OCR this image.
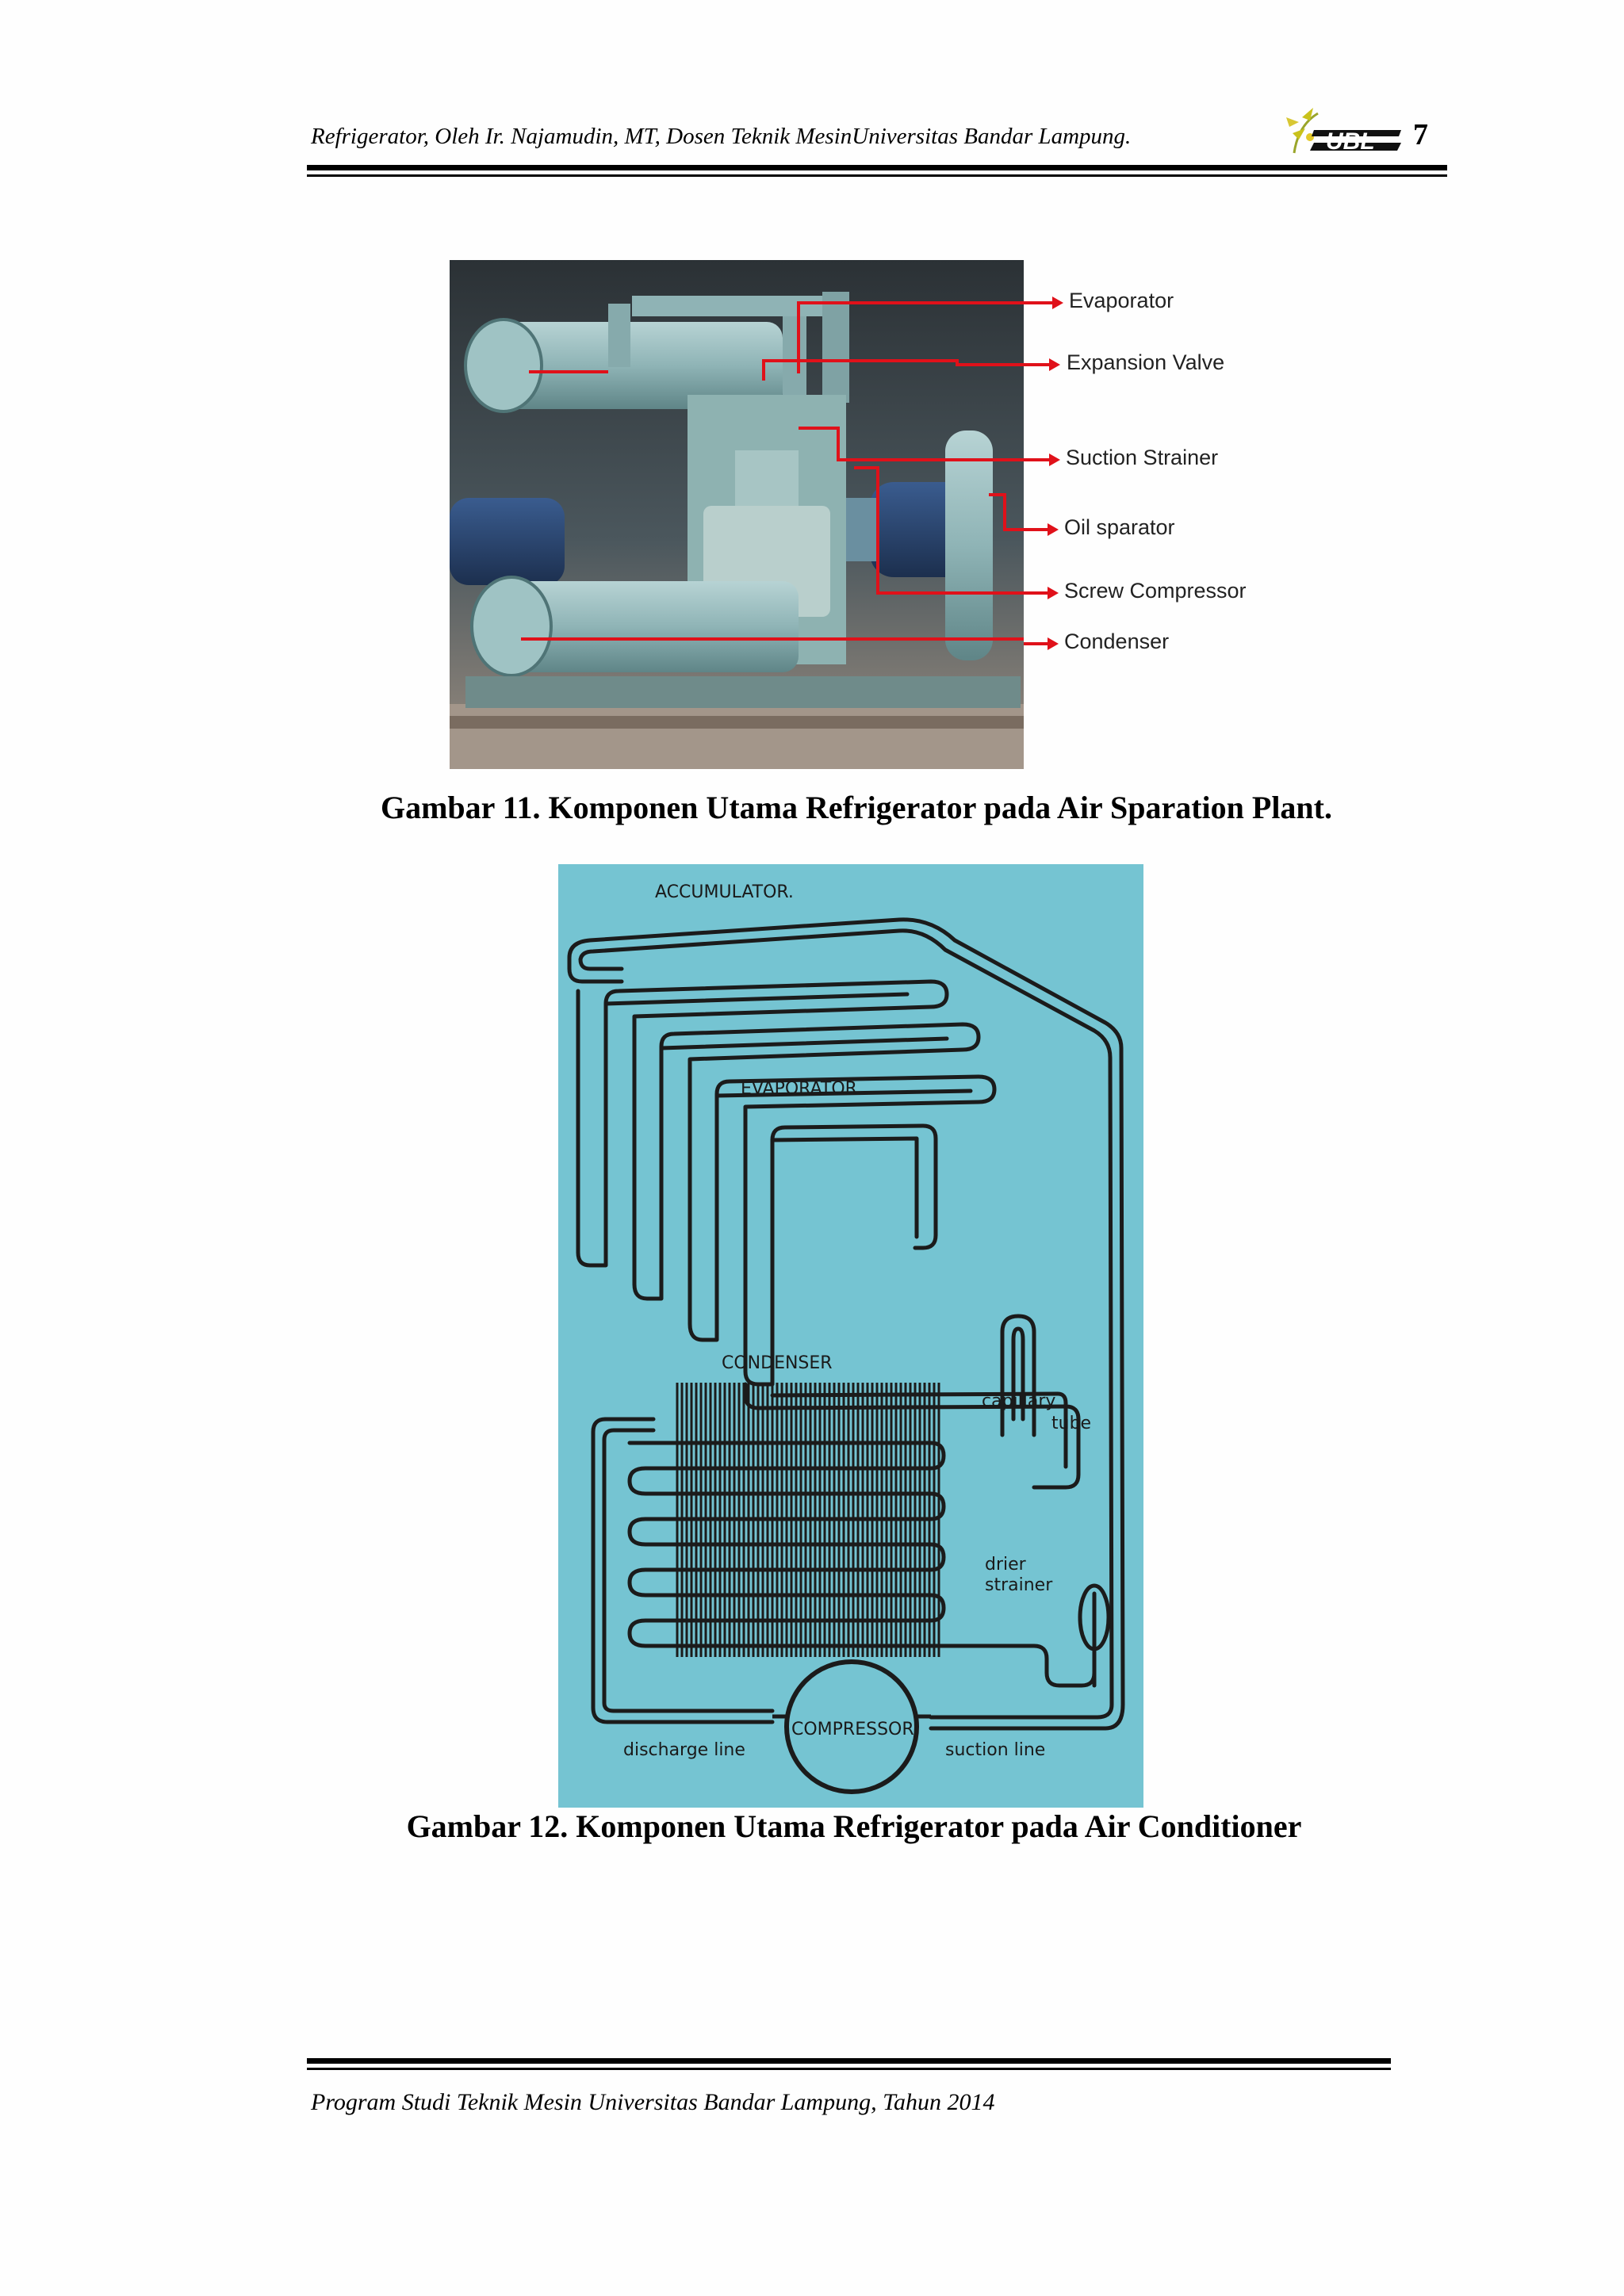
Refrigerator, Oleh Ir. Najamudin, MT, Dosen Teknik MesinUniversitas Bandar Lampung.	UBL 7
Evaporator
Expansion Valve
Suction Strainer
Oil sparator
Screw Compressor
Condenser
Gambar 11. Komponen Utama Refrigerator pada Air Sparation Plant.
ACCUMULATOR.
EVAPORATOR
CONDENSER
capillary
tube
drier
strainer
COMPRESSOR
discharge line	suction line
Gambar 12. Komponen Utama Refrigerator pada Air Conditioner
Program Studi Teknik Mesin Universitas Bandar Lampung, Tahun 2014
